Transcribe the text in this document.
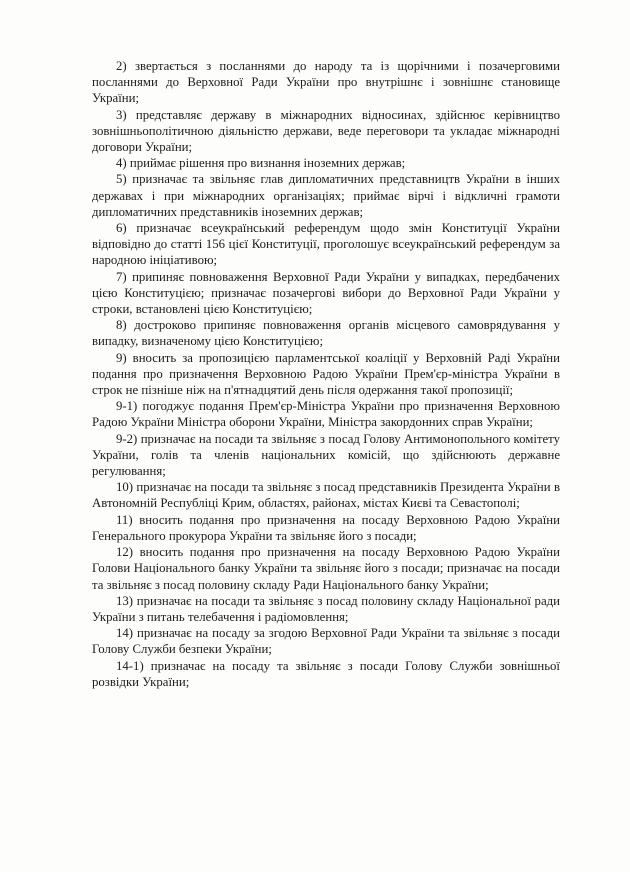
2) звертається з посланнями до народу та із щорічними і позачерговими посланнями до Верховної Ради України про внутрішнє і зовнішнє становище України;

3) представляє державу в міжнародних відносинах, здійснює керівництво зовнішньополітичною діяльністю держави, веде переговори та укладає міжнародні договори України;

4) приймає рішення про визнання іноземних держав;

5) призначає та звільняє глав дипломатичних представництв України в інших державах і при міжнародних організаціях; приймає вірчі і відкличні грамоти дипломатичних представників іноземних держав;

6) призначає всеукраїнський референдум щодо змін Конституції України відповідно до статті 156 цієї Конституції, проголошує всеукраїнський референдум за народною ініціативою;

7) припиняє повноваження Верховної Ради України у випадках, передбачених цією Конституцією; призначає позачергові вибори до Верховної Ради України у строки, встановлені цією Конституцією;

8) достроково припиняє повноваження органів місцевого самоврядування у випадку, визначеному цією Конституцією;

9) вносить за пропозицією парламентської коаліції у Верховній Раді України подання про призначення Верховною Радою України Прем'єр-міністра України в строк не пізніше ніж на п'ятнадцятий день після одержання такої пропозиції;

9-1) погоджує подання Прем'єр-Міністра України про призначення Верховною Радою України Міністра оборони України, Міністра закордонних справ України;

9-2) призначає на посади та звільняє з посад Голову Антимонопольного комітету України, голів та членів національних комісій, що здійснюють державне регулювання;

10) призначає на посади та звільняє з посад представників Президента України в Автономній Республіці Крим, областях, районах, містах Києві та Севастополі;

11) вносить подання про призначення на посаду Верховною Радою України Генерального прокурора України та звільняє його з посади;

12) вносить подання про призначення на посаду Верховною Радою України Голови Національного банку України та звільняє його з посади; призначає на посади та звільняє з посад половину складу Ради Національного банку України;

13) призначає на посади та звільняє з посад половину складу Національної ради України з питань телебачення і радіомовлення;

14) призначає на посаду за згодою Верховної Ради України та звільняє з посади Голову Служби безпеки України;

14-1) призначає на посаду та звільняє з посади Голову Служби зовнішньої розвідки України;
